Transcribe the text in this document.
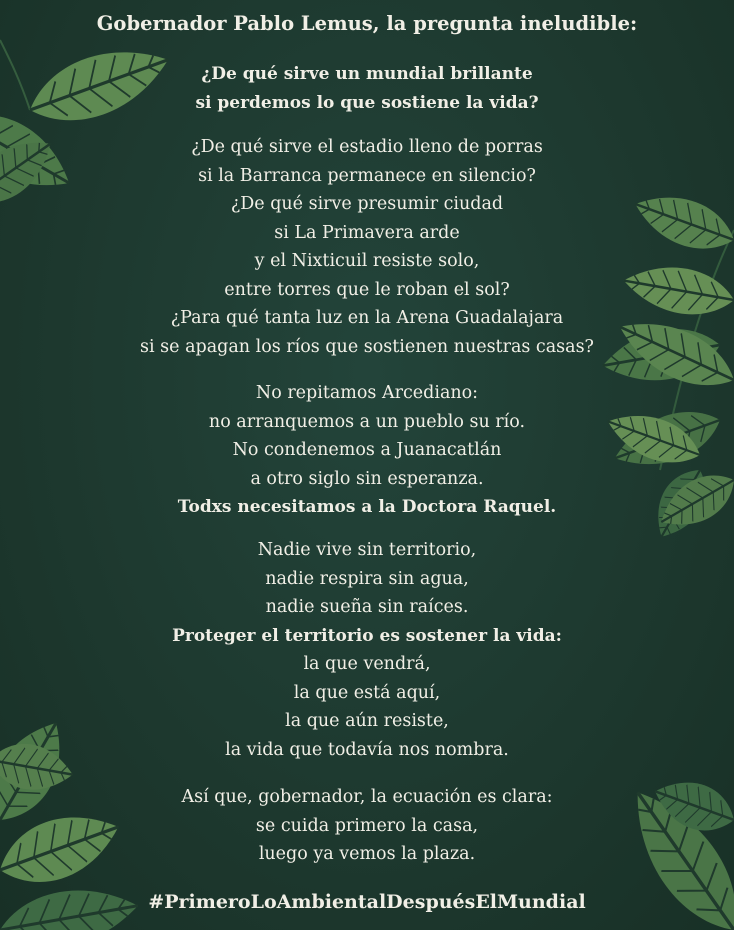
Gobernador Pablo Lemus, la pregunta ineludible:
¿De qué sirve un mundial brillante
si perdemos lo que sostiene la vida?
¿De qué sirve el estadio lleno de porras
si la Barranca permanece en silencio?
¿De qué sirve presumir ciudad
si La Primavera arde
y el Nixticuil resiste solo,
entre torres que le roban el sol?
¿Para qué tanta luz en la Arena Guadalajara
si se apagan los ríos que sostienen nuestras casas?
No repitamos Arcediano:
no arranquemos a un pueblo su río.
No condenemos a Juanacatlán
a otro siglo sin esperanza.
Todxs necesitamos a la Doctora Raquel.
Nadie vive sin territorio,
nadie respira sin agua,
nadie sueña sin raíces.
Proteger el territorio es sostener la vida:
la que vendrá,
la que está aquí,
la que aún resiste,
la vida que todavía nos nombra.
Así que, gobernador, la ecuación es clara:
se cuida primero la casa,
luego ya vemos la plaza.
#PrimeroLoAmbientalDespuésElMundial
